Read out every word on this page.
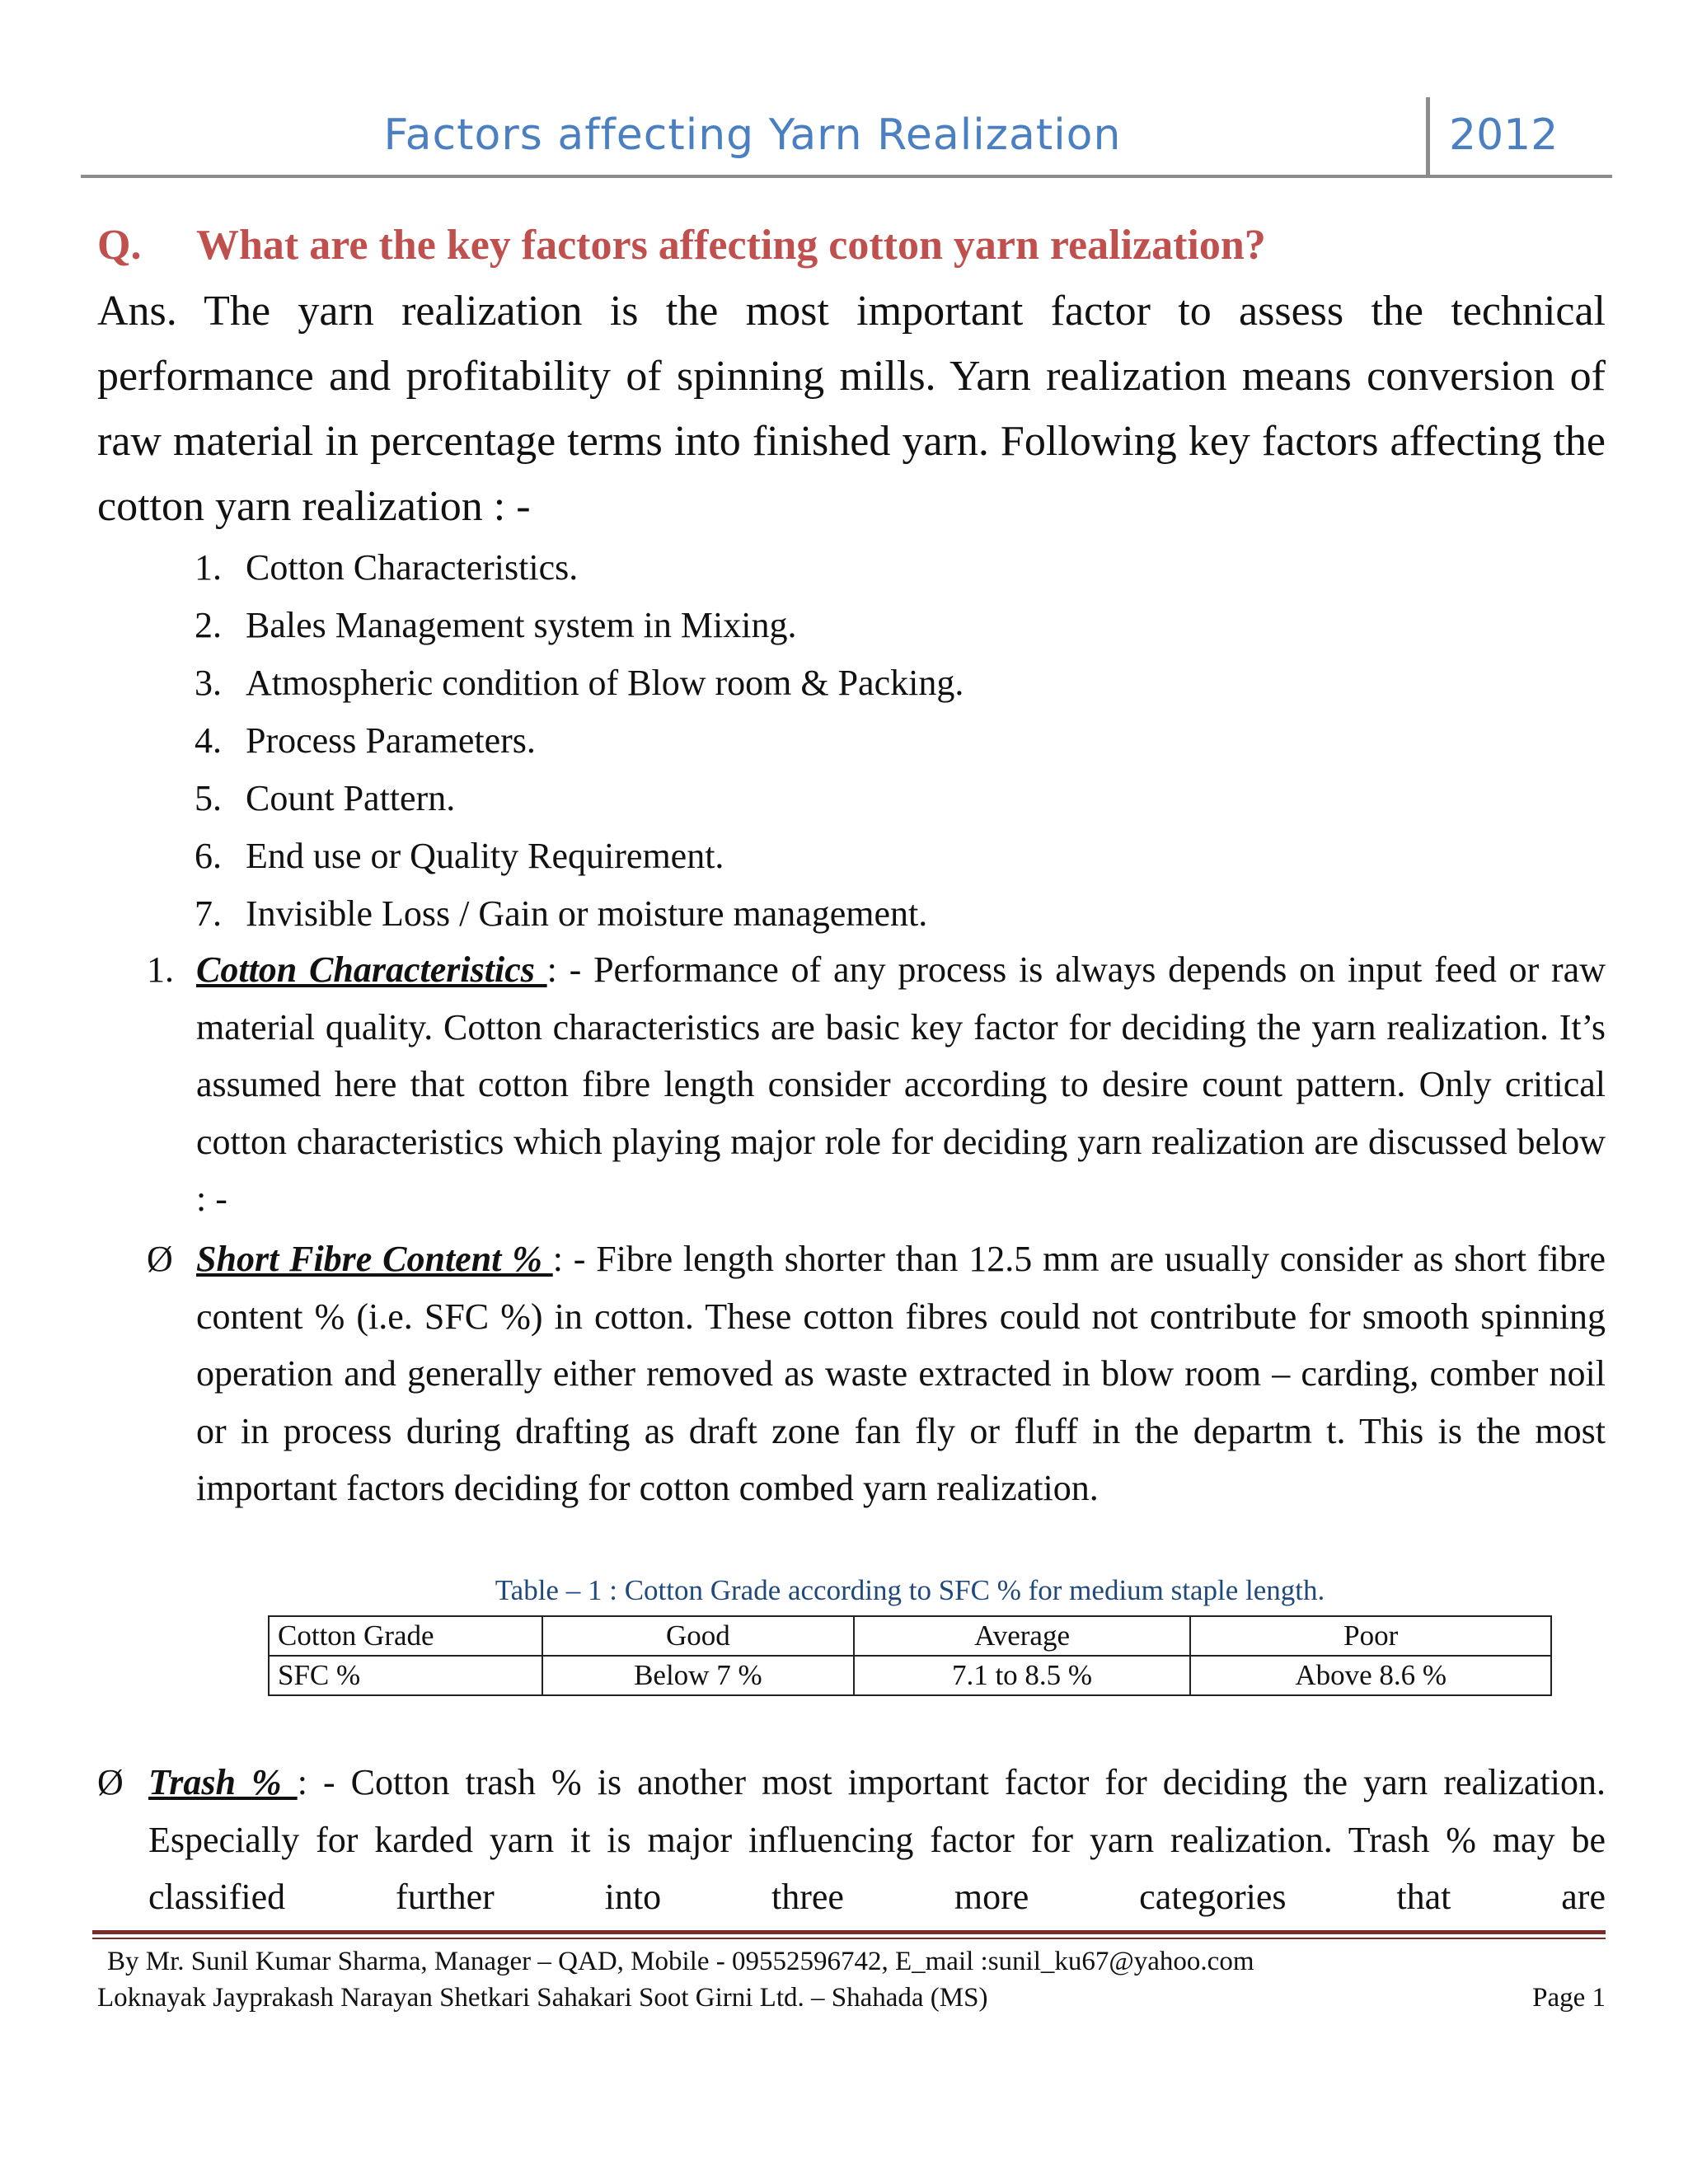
Factors affecting Yarn Realization	2012
Q. What are the key factors affecting cotton yarn realization?
Ans. The yarn realization is the most important factor to assess the technical performance and profitability of spinning mills. Yarn realization means conversion of raw material in percentage terms into finished yarn. Following key factors affecting the cotton yarn realization : -
1. Cotton Characteristics.
2. Bales Management system in Mixing.
3. Atmospheric condition of Blow room & Packing.
4. Process Parameters.
5. Count Pattern.
6. End use or Quality Requirement.
7. Invisible Loss / Gain or moisture management.
1. Cotton Characteristics : - Performance of any process is always depends on input feed or raw material quality. Cotton characteristics are basic key factor for deciding the yarn realization. It’s assumed here that cotton fibre length consider according to desire count pattern. Only critical cotton characteristics which playing major role for deciding yarn realization are discussed below : -
Ø Short Fibre Content % : - Fibre length shorter than 12.5 mm are usually consider as short fibre content % (i.e. SFC %) in cotton. These cotton fibres could not contribute for smooth spinning operation and generally either removed as waste extracted in blow room – carding, comber noil or in process during drafting as draft zone fan fly or fluff in the departm t. This is the most important factors deciding for cotton combed yarn realization.
Table – 1 : Cotton Grade according to SFC % for medium staple length.
Cotton Grade	Good	Average	Poor
SFC %	Below 7 %	7.1 to 8.5 %	Above 8.6 %
Ø Trash % : - Cotton trash % is another most important factor for deciding the yarn realization. Especially for karded yarn it is major influencing factor for yarn realization. Trash % may be classified further into three more categories that are
By Mr. Sunil Kumar Sharma, Manager – QAD, Mobile - 09552596742, E_mail :sunil_ku67@yahoo.com
Loknayak Jayprakash Narayan Shetkari Sahakari Soot Girni Ltd. – Shahada (MS)	Page 1
